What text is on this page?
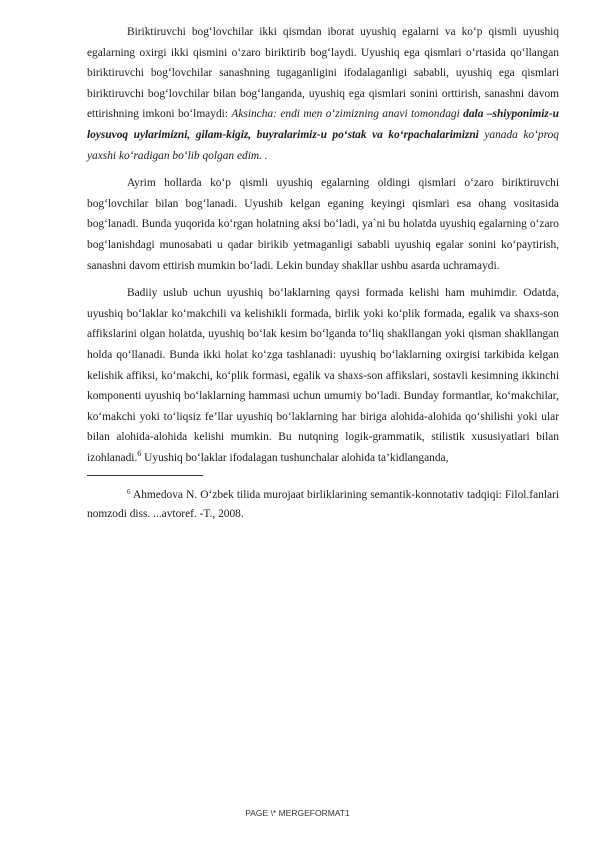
Biriktiruvchi bog‘lovchilar ikki qismdan iborat uyushiq egalarni va ko‘p qismli uyushiq egalarning oxirgi ikki qismini o‘zaro biriktirib bog‘laydi. Uyushiq ega qismlari o‘rtasida qo‘llangan biriktiruvchi bog‘lovchilar sanashning tugaganligini ifodalaganligi sababli, uyushiq ega qismlari biriktiruvchi bog‘lovchilar bilan bog‘langanda, uyushiq ega qismlari sonini orttirish, sanashni davom ettirishning imkoni bo‘lmaydi: Aksincha: endi men o‘zimizning anavi tomondagi dala –shiyponimiz-u loysuvoq uylarimizni, gilam-kigiz, buyralarimiz-u po‘stak va ko‘rpachalarimizni yanada ko‘proq yaxshi ko‘radigan bo‘lib qolgan edim. .

Ayrim hollarda ko‘p qismli uyushiq egalarning oldingi qismlari o‘zaro biriktiruvchi bog‘lovchilar bilan bog‘lanadi. Uyushib kelgan eganing keyingi qismlari esa ohang vositasida bog‘lanadi. Bunda yuqorida ko‘rgan holatning aksi bo‘ladi, ya`ni bu holatda uyushiq egalarning o‘zaro bog‘lanishdagi munosabati u qadar birikib yetmaganligi sababli uyushiq egalar sonini ko‘paytirish, sanashni davom ettirish mumkin bo‘ladi. Lekin bunday shakllar ushbu asarda uchramaydi.

Badiiy uslub uchun uyushiq bo‘laklarning qaysi formada kelishi ham muhimdir. Odatda, uyushiq bo‘laklar ko‘makchili va kelishikli formada, birlik yoki ko‘plik formada, egalik va shaxs-son affikslarini olgan holatda, uyushiq bo‘lak kesim bo‘lganda to‘liq shakllangan yoki qisman shakllangan holda qo‘llanadi. Bunda ikki holat ko‘zga tashlanadi: uyushiq bo‘laklarning oxirgisi tarkibida kelgan kelishik affiksi, ko‘makchi, ko‘plik formasi, egalik va shaxs-son affikslari, sostavli kesimning ikkinchi komponenti uyushiq bo‘laklarning hammasi uchun umumiy bo‘ladi. Bunday formantlar, ko‘makchilar, ko‘makchi yoki to‘liqsiz fe’llar uyushiq bo‘laklarning har biriga alohida-alohida qo‘shilishi yoki ular bilan alohida-alohida kelishi mumkin. Bu nutqning logik-grammatik, stilistik xususiyatlari bilan izohlanadi.$^6$ Uyushiq bo‘laklar ifodalagan tushunchalar alohida ta’kidlanganda,

$^6$ Ahmedova N. O‘zbek tilida murojaat birliklarining semantik-konnotativ tadqiqi: Filol.fanlari nomzodi diss. ...avtoref. -T., 2008.

PAGE \* MERGEFORMAT1
